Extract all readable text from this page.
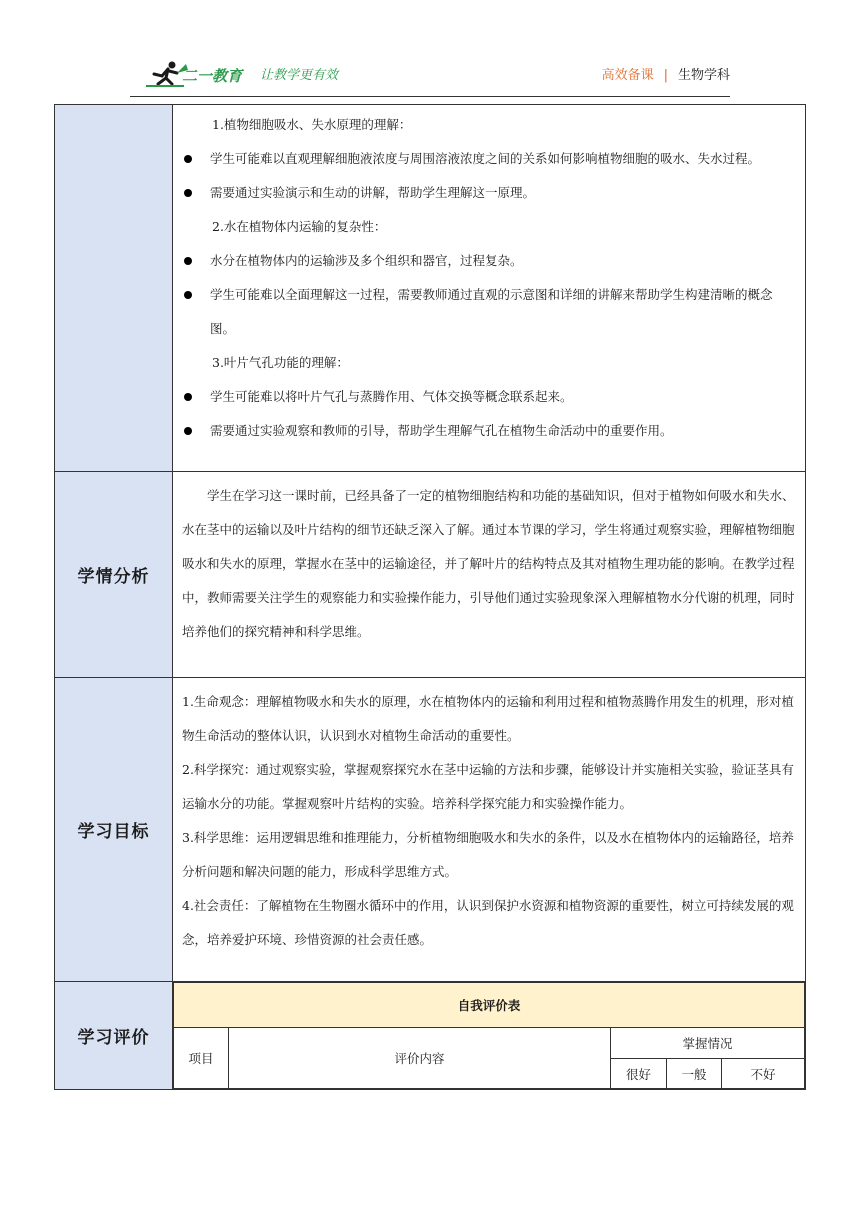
二一教育 让教学更有效	高效备课 | 生物学科

1.植物细胞吸水、失水原理的理解：
学生可能难以直观理解细胞液浓度与周围溶液浓度之间的关系如何影响植物细胞的吸水、失水过程。
需要通过实验演示和生动的讲解，帮助学生理解这一原理。
2.水在植物体内运输的复杂性：
水分在植物体内的运输涉及多个组织和器官，过程复杂。
学生可能难以全面理解这一过程，需要教师通过直观的示意图和详细的讲解来帮助学生构建清晰的概念图。
3.叶片气孔功能的理解：
学生可能难以将叶片气孔与蒸腾作用、气体交换等概念联系起来。
需要通过实验观察和教师的引导，帮助学生理解气孔在植物生命活动中的重要作用。

学情分析	
学生在学习这一课时前，已经具备了一定的植物细胞结构和功能的基础知识，但对于植物如何吸水和失水、水在茎中的运输以及叶片结构的细节还缺乏深入了解。通过本节课的学习，学生将通过观察实验，理解植物细胞吸水和失水的原理，掌握水在茎中的运输途径，并了解叶片的结构特点及其对植物生理功能的影响。在教学过程中，教师需要关注学生的观察能力和实验操作能力，引导他们通过实验现象深入理解植物水分代谢的机理，同时培养他们的探究精神和科学思维。

学习目标	
1.生命观念：理解植物吸水和失水的原理，水在植物体内的运输和利用过程和植物蒸腾作用发生的机理，形对植物生命活动的整体认识，认识到水对植物生命活动的重要性。
2.科学探究：通过观察实验，掌握观察探究水在茎中运输的方法和步骤，能够设计并实施相关实验，验证茎具有运输水分的功能。掌握观察叶片结构的实验。培养科学探究能力和实验操作能力。
3.科学思维：运用逻辑思维和推理能力，分析植物细胞吸水和失水的条件，以及水在植物体内的运输路径，培养分析问题和解决问题的能力，形成科学思维方式。
4.社会责任：了解植物在生物圈水循环中的作用，认识到保护水资源和植物资源的重要性，树立可持续发展的观念，培养爱护环境、珍惜资源的社会责任感。

学习评价	
自我评价表
项目	评价内容	掌握情况
很好	一般	不好
